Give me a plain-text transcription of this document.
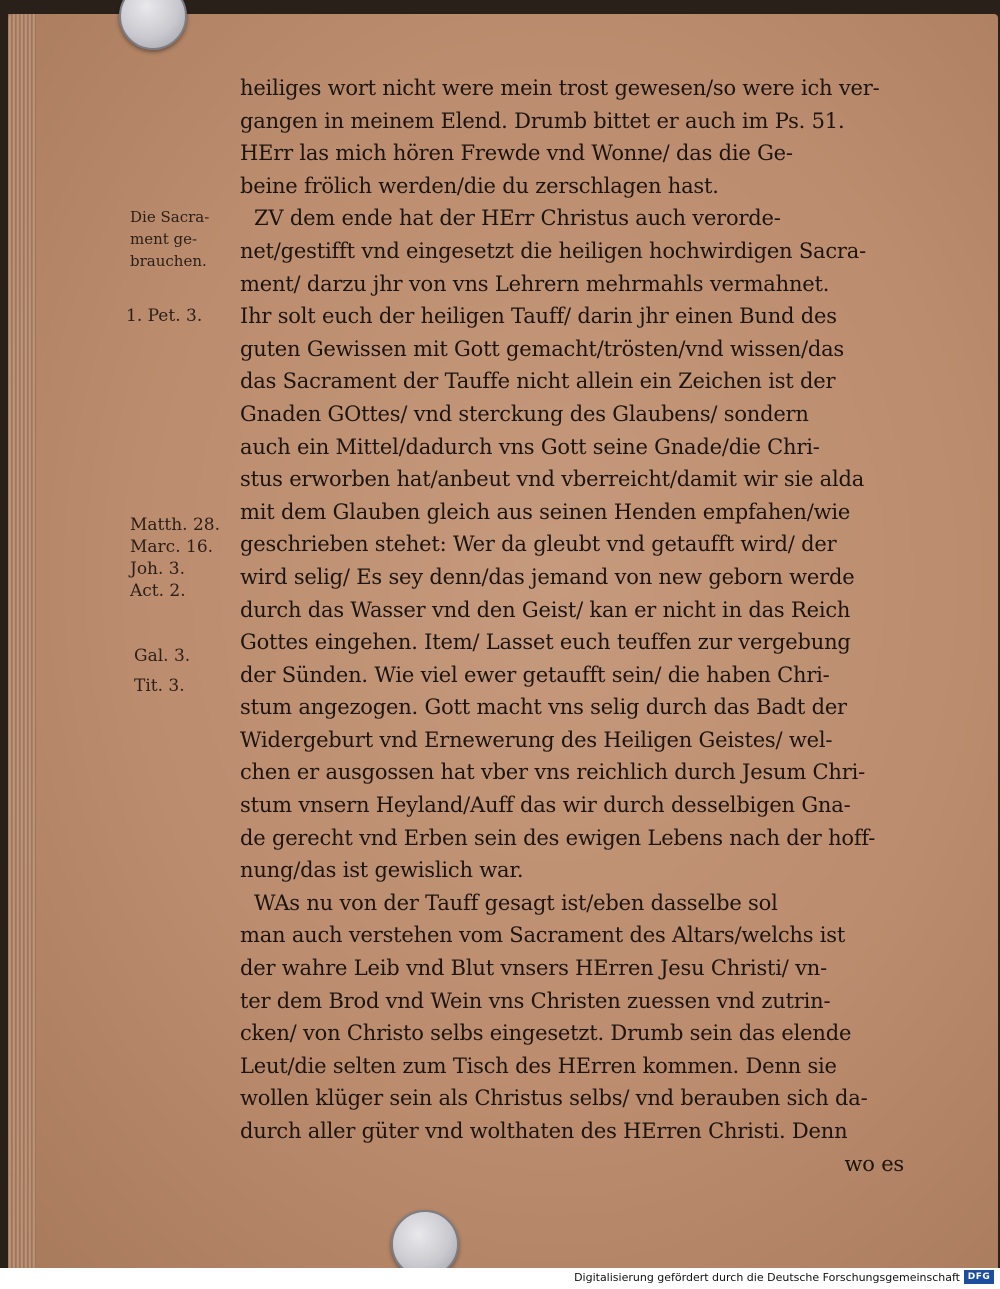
heiliges wort nicht were mein trost gewesen/so were ich ver-
gangen in meinem Elend. Drumb bittet er auch im Ps. 51.
HErr las mich hören Frewde vnd Wonne/ das die Ge-
beine frölich werden/die du zerschlagen hast.
ZV dem ende hat der HErr Christus auch verorde-
net/gestifft vnd eingesetzt die heiligen hochwirdigen Sacra-
ment/ darzu jhr von vns Lehrern mehrmahls vermahnet.
Ihr solt euch der heiligen Tauff/ darin jhr einen Bund des
guten Gewissen mit Gott gemacht/trösten/vnd wissen/das
das Sacrament der Tauffe nicht allein ein Zeichen ist der
Gnaden GOttes/ vnd sterckung des Glaubens/ sondern
auch ein Mittel/dadurch vns Gott seine Gnade/die Chri-
stus erworben hat/anbeut vnd vberreicht/damit wir sie alda
mit dem Glauben gleich aus seinen Henden empfahen/wie
geschrieben stehet: Wer da gleubt vnd getaufft wird/ der
wird selig/ Es sey denn/das jemand von new geborn werde
durch das Wasser vnd den Geist/ kan er nicht in das Reich
Gottes eingehen. Item/ Lasset euch teuffen zur vergebung
der Sünden. Wie viel ewer getaufft sein/ die haben Chri-
stum angezogen. Gott macht vns selig durch das Badt der
Widergeburt vnd Ernewerung des Heiligen Geistes/ wel-
chen er ausgossen hat vber vns reichlich durch Jesum Chri-
stum vnsern Heyland/Auff das wir durch desselbigen Gna-
de gerecht vnd Erben sein des ewigen Lebens nach der hoff-
nung/das ist gewislich war.
WAs nu von der Tauff gesagt ist/eben dasselbe sol
man auch verstehen vom Sacrament des Altars/welchs ist
der wahre Leib vnd Blut vnsers HErren Jesu Christi/ vn-
ter dem Brod vnd Wein vns Christen zuessen vnd zutrin-
cken/ von Christo selbs eingesetzt. Drumb sein das elende
Leut/die selten zum Tisch des HErren kommen. Denn sie
wollen klüger sein als Christus selbs/ vnd berauben sich da-
durch aller güter vnd wolthaten des HErren Christi. Denn
wo es
Die Sacra-
ment ge-
brauchen.
1. Pet. 3.
Matth. 28.
Marc. 16.
Joh. 3.
Act. 2.
Gal. 3.
Tit. 3.
Digitalisierung gefördert durch die Deutsche Forschungsgemeinschaft DFG
